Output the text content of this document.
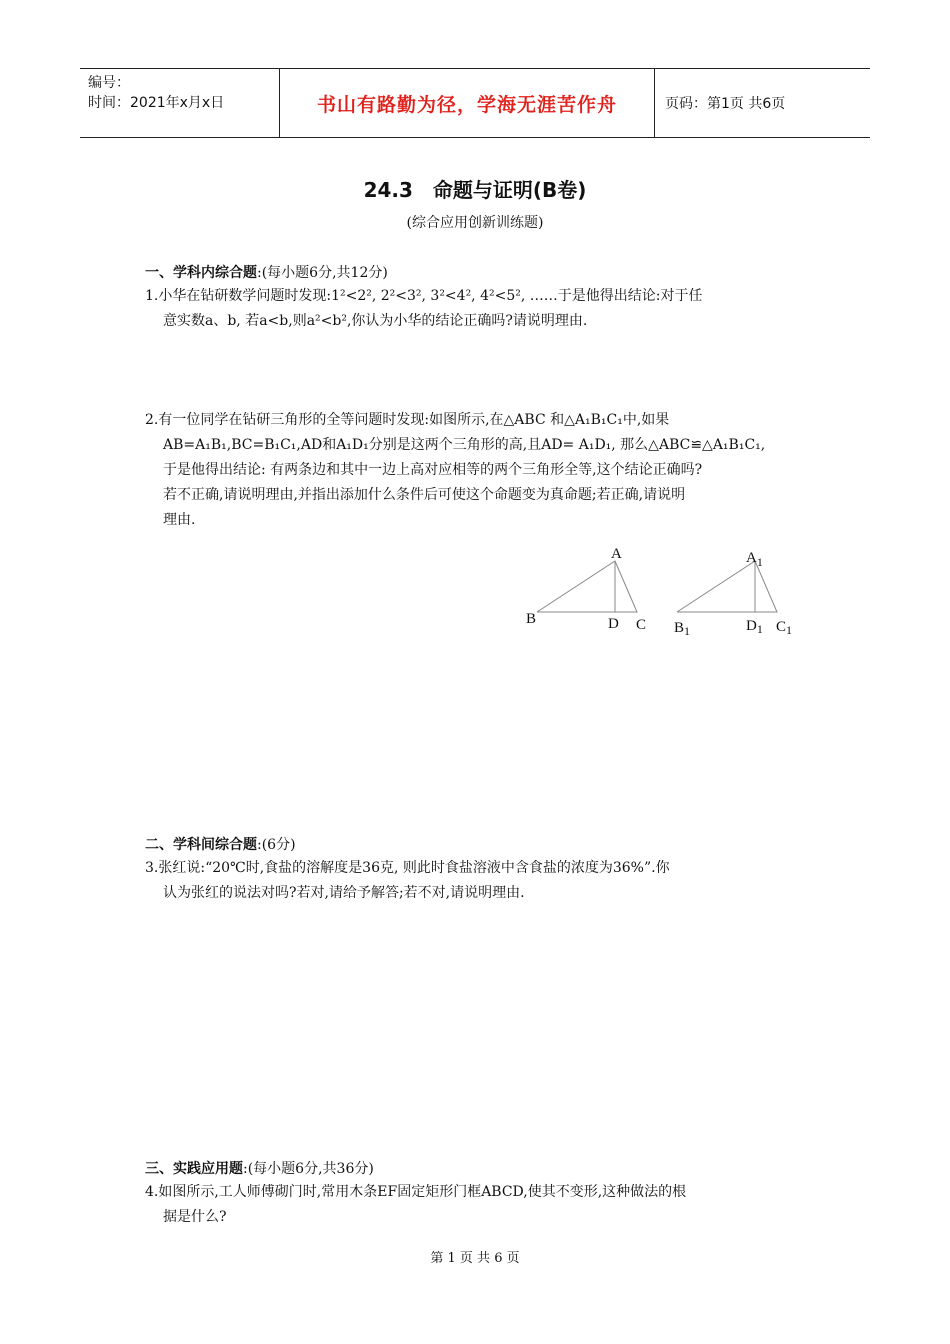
编号：
时间：2021年x月x日	书山有路勤为径，学海无涯苦作舟	页码：第1页 共6页
24.3　命题与证明(B卷)
(综合应用创新训练题)
一、学科内综合题:(每小题6分,共12分)
1.小华在钻研数学问题时发现:1²<2², 2²<3², 3²<4², 4²<5², ……于是他得出结论:对于任
意实数a、b, 若a<b,则a²<b²,你认为小华的结论正确吗?请说明理由.
2.有一位同学在钻研三角形的全等问题时发现:如图所示,在△ABC 和△A₁B₁C₁中,如果
AB=A₁B₁,BC=B₁C₁,AD和A₁D₁分别是这两个三角形的高,且AD= A₁D₁, 那么△ABC≌△A₁B₁C₁,
于是他得出结论: 有两条边和其中一边上高对应相等的两个三角形全等,这个结论正确吗?
若不正确,请说明理由,并指出添加什么条件后可使这个命题变为真命题;若正确,请说明
理由.
A
B	D C
$A_1$
$B_1$	$D_1$ $C_1$
二、学科间综合题:(6分)
3.张红说:“20℃时,食盐的溶解度是36克, 则此时食盐溶液中含食盐的浓度为36%”.你
认为张红的说法对吗?若对,请给予解答;若不对,请说明理由.
三、实践应用题:(每小题6分,共36分)
4.如图所示,工人师傅砌门时,常用木条EF固定矩形门框ABCD,使其不变形,这种做法的根
据是什么?
第 1 页 共 6 页
